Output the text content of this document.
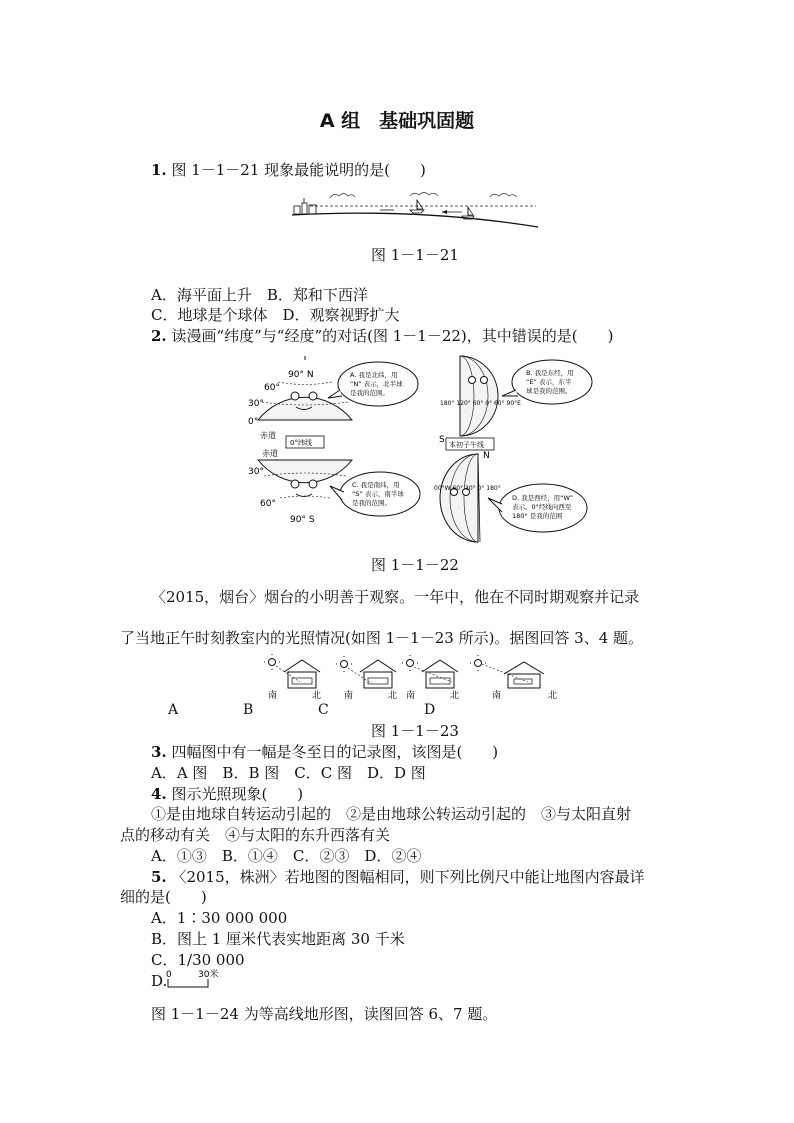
A 组　基础巩固题
1. 图 1－1－21 现象最能说明的是(　　)
图 1－1－21
A．海平面上升　B．郑和下西洋
C．地球是个球体　D．观察视野扩大
2. 读漫画“纬度”与“经度”的对话(图 1－1－22)，其中错误的是(　　)
90° N
60°
30°
0°
赤道
A. 我是北纬，用
“N” 表示，北半球
是我的范围。
0°纬线
赤道
30°
60°
90° S
C. 我是南纬，用
“S” 表示，南半球
是我的范围。
180° 120° 60° 0° 60° 90°E
S
B. 我是东经，用
“E” 表示，东半
球是我的范围。
本初子午线
N
00°W 60° 30° 0° 180°
D. 我是西经，用“W”
表示。0°经线向西至
180° 是我的范围
图 1－1－22
〈2015，烟台〉烟台的小明善于观察。一年中，他在不同时期观察并记录
了当地正午时刻教室内的光照情况(如图 1－1－23 所示)。据图回答 3、4 题。
南	北	南	北 南	北	南	北
A	B	C	D
图 1－1－23
3. 四幅图中有一幅是冬至日的记录图，该图是(　　)
A．A 图　B．B 图　C．C 图　D．D 图
4. 图示光照现象(　　)
①是由地球自转运动引起的　②是由地球公转运动引起的　③与太阳直射
点的移动有关　④与太阳的东升西落有关
A．①③　B．①④　C．②③　D．②④
5. 〈2015，株洲〉若地图的图幅相同，则下列比例尺中能让地图内容最详
细的是(　　)
A．1∶30 000 000
B．图上 1 厘米代表实地距离 30 千米
C．1/30 000
D.
0	30米
图 1－1－24 为等高线地形图，读图回答 6、7 题。
